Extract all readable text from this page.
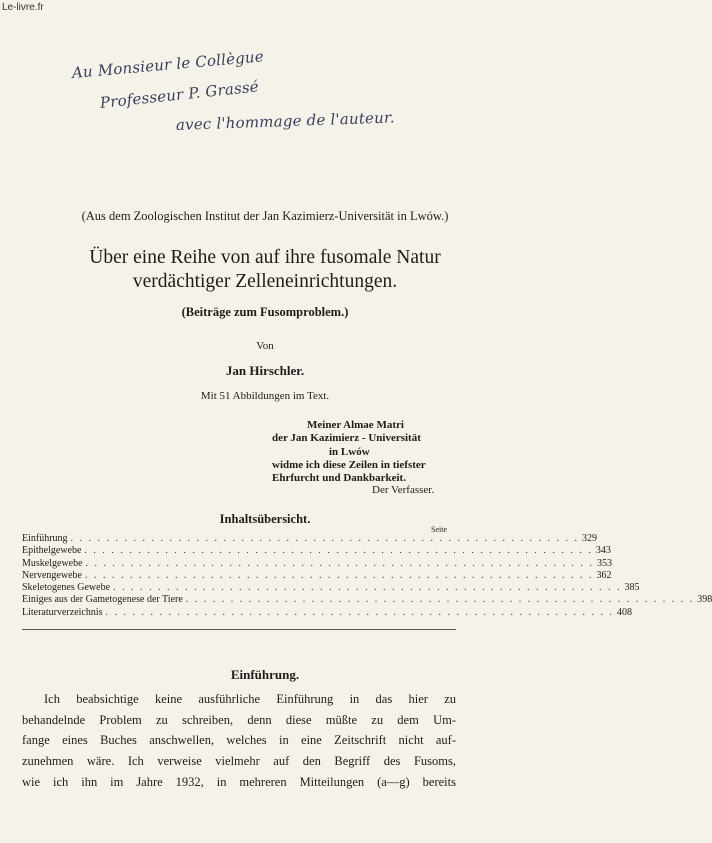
Le-livre.fr
Au Monsieur le Collègue
Professeur P. Grassé
avec l'hommage de l'auteur.
(Aus dem Zoologischen Institut der Jan Kazimierz-Universität in Lwów.)
Über eine Reihe von auf ihre fusomale Natur
verdächtiger Zelleneinrichtungen.
(Beiträge zum Fusomproblem.)
Von
Jan Hirschler.
Mit 51 Abbildungen im Text.
Meiner Almae Matri
der Jan Kazimierz - Universität
in Lwów
widme ich diese Zeilen in tiefster
Ehrfurcht und Dankbarkeit.
Der Verfasser.
Inhaltsübersicht.
Seite
Einführung . . . . . . . . . . . . . . . . . . . . . . . . . . . . . . . . . . . . . . . . . . . . . . . . . . . . . . . . . 329
Epithelgewebe . . . . . . . . . . . . . . . . . . . . . . . . . . . . . . . . . . . . . . . . . . . . . . . . . . . . . . . . . 343
Muskelgewebe . . . . . . . . . . . . . . . . . . . . . . . . . . . . . . . . . . . . . . . . . . . . . . . . . . . . . . . . . 353
Nervengewebe . . . . . . . . . . . . . . . . . . . . . . . . . . . . . . . . . . . . . . . . . . . . . . . . . . . . . . . . . 362
Skeletogenes Gewebe . . . . . . . . . . . . . . . . . . . . . . . . . . . . . . . . . . . . . . . . . . . . . . . . . . . . . . . . . 385
Einiges aus der Gametogenese der Tiere . . . . . . . . . . . . . . . . . . . . . . . . . . . . . . . . . . . . . . . . . . . . . . . . . . . . . . . . . 398
Literaturverzeichnis . . . . . . . . . . . . . . . . . . . . . . . . . . . . . . . . . . . . . . . . . . . . . . . . . . . . . . . . . 408
Einführung.
Ich beabsichtige keine ausführliche Einführung in das hier zu
behandelnde Problem zu schreiben, denn diese müßte zu dem Um-
fange eines Buches anschwellen, welches in eine Zeitschrift nicht auf-
zunehmen wäre. Ich verweise vielmehr auf den Begriff des Fusoms,
wie ich ihn im Jahre 1932, in mehreren Mitteilungen (a—g) bereits
